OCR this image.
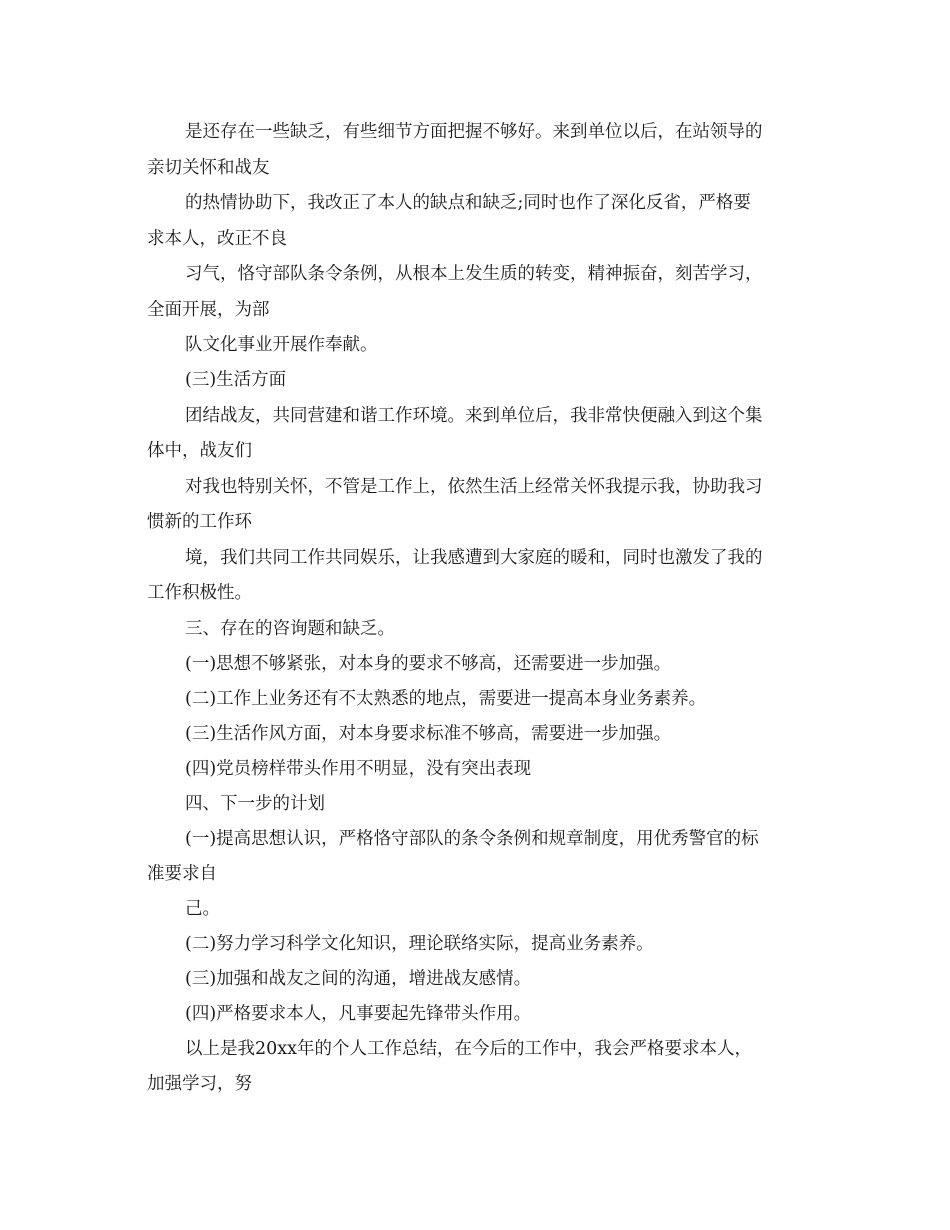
是还存在一些缺乏，有些细节方面把握不够好。来到单位以后，在站领导的

亲切关怀和战友

的热情协助下，我改正了本人的缺点和缺乏;同时也作了深化反省，严格要

求本人，改正不良

习气，恪守部队条令条例，从根本上发生质的转变，精神振奋，刻苦学习，

全面开展，为部

队文化事业开展作奉献。

(三)生活方面

团结战友，共同营建和谐工作环境。来到单位后，我非常快便融入到这个集

体中，战友们

对我也特别关怀，不管是工作上，依然生活上经常关怀我提示我，协助我习

惯新的工作环

境，我们共同工作共同娱乐，让我感遭到大家庭的暖和，同时也激发了我的

工作积极性。

三、存在的咨询题和缺乏。

(一)思想不够紧张，对本身的要求不够高，还需要进一步加强。

(二)工作上业务还有不太熟悉的地点，需要进一提高本身业务素养。

(三)生活作风方面，对本身要求标准不够高，需要进一步加强。

(四)党员榜样带头作用不明显，没有突出表现

四、下一步的计划

(一)提高思想认识，严格恪守部队的条令条例和规章制度，用优秀警官的标

准要求自

己。

(二)努力学习科学文化知识，理论联络实际，提高业务素养。

(三)加强和战友之间的沟通，增进战友感情。

(四)严格要求本人，凡事要起先锋带头作用。

以上是我20xx年的个人工作总结，在今后的工作中，我会严格要求本人，

加强学习，努
